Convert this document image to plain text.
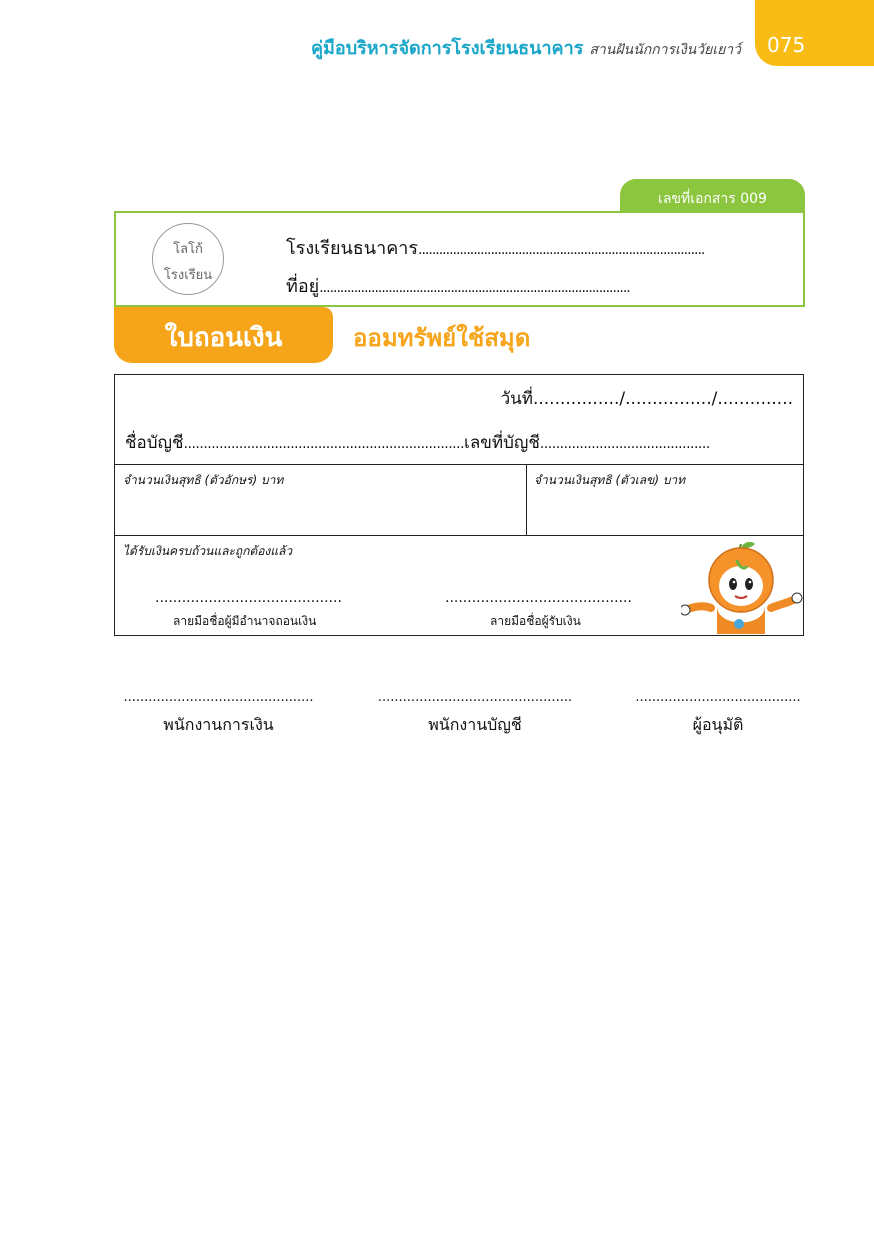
คู่มือบริหารจัดการโรงเรียนธนาคาร สานฝันนักการเงินวัยเยาว์	075
เลขที่เอกสาร 009
โลโก้
โรงเรียน
โรงเรียนธนาคาร...................................................................................
ที่อยู่..........................................................................................
ใบถอนเงิน	ออมทรัพย์ใช้สมุด
วันที่................/................/..............
ชื่อบัญชี.......................................................................เลขที่บัญชี...........................................
จำนวนเงินสุทธิ (ตัวอักษร) บาท	จำนวนเงินสุทธิ (ตัวเลข) บาท
ได้รับเงินครบถ้วนและถูกต้องแล้ว
..........................................
ลายมือชื่อผู้มีอำนาจถอนเงิน
..........................................
ลายมือชื่อผู้รับเงิน
..............................................
พนักงานการเงิน
...............................................
พนักงานบัญชี
........................................
ผู้อนุมัติ
